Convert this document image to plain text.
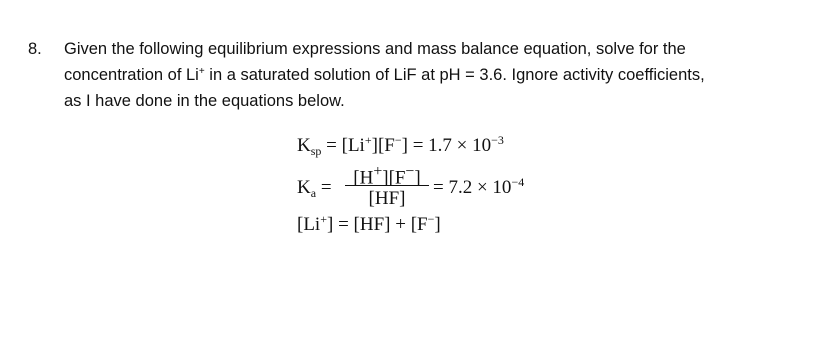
8. Given the following equilibrium expressions and mass balance equation, solve for the
concentration of Li+ in a saturated solution of LiF at pH = 3.6. Ignore activity coefficients,
as I have done in the equations below.
$K_{sp} = [Li^+][F^-] = 1.7 \times 10^{-3}$
$K_a$ =	[H+][F−]
[HF]
= $7.2 \times 10^{-4}$
[Li+] = [HF] + [F−]
